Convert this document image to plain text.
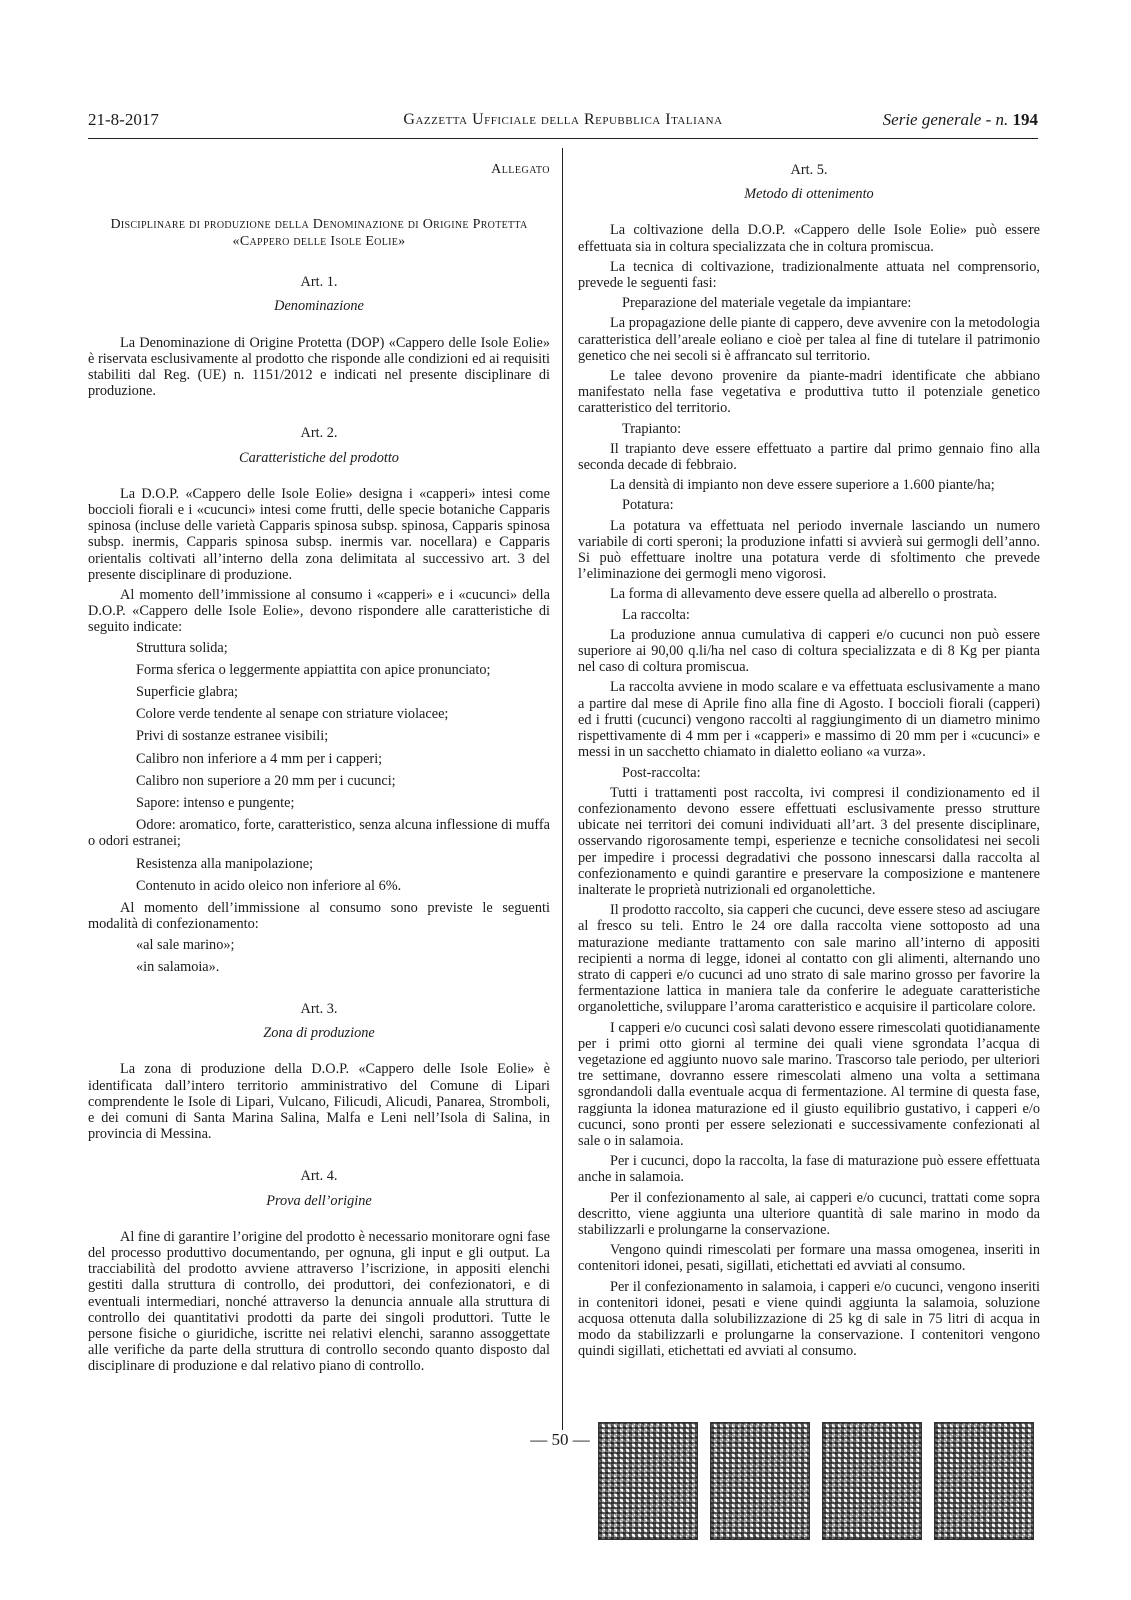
21-8-2017	Gazzetta Ufficiale della Repubblica Italiana	Serie generale - n. 194
Allegato
Disciplinare di produzione della Denominazione di Origine Protetta
«Cappero delle Isole Eolie»
Art. 1.
Denominazione

La Denominazione di Origine Protetta (DOP) «Cappero delle Isole Eolie» è riservata esclusivamente al prodotto che risponde alle condizioni ed ai requisiti stabiliti dal Reg. (UE) n. 1151/2012 e indicati nel presente disciplinare di produzione.

Art. 2.
Caratteristiche del prodotto

La D.O.P. «Cappero delle Isole Eolie» designa i «capperi» intesi come boccioli fiorali e i «cucunci» intesi come frutti, delle specie botaniche Capparis spinosa (incluse delle varietà Capparis spinosa subsp. spinosa, Capparis spinosa subsp. inermis, Capparis spinosa subsp. inermis var. nocellara) e Capparis orientalis coltivati all’interno della zona delimitata al successivo art. 3 del presente disciplinare di produzione.

Al momento dell’immissione al consumo i «capperi» e i «cucunci» della D.O.P. «Cappero delle Isole Eolie», devono rispondere alle caratteristiche di seguito indicate:

Struttura solida;

Forma sferica o leggermente appiattita con apice pronunciato;

Superficie glabra;

Colore verde tendente al senape con striature violacee;

Privi di sostanze estranee visibili;

Calibro non inferiore a 4 mm per i capperi;

Calibro non superiore a 20 mm per i cucunci;

Sapore: intenso e pungente;

Odore: aromatico, forte, caratteristico, senza alcuna inflessione di muffa o odori estranei;

Resistenza alla manipolazione;

Contenuto in acido oleico non inferiore al 6%.

Al momento dell’immissione al consumo sono previste le seguenti modalità di confezionamento:

«al sale marino»;

«in salamoia».

Art. 3.
Zona di produzione

La zona di produzione della D.O.P. «Cappero delle Isole Eolie» è identificata dall’intero territorio amministrativo del Comune di Lipari comprendente le Isole di Lipari, Vulcano, Filicudi, Alicudi, Panarea, Stromboli, e dei comuni di Santa Marina Salina, Malfa e Leni nell’Isola di Salina, in provincia di Messina.

Art. 4.
Prova dell’origine

Al fine di garantire l’origine del prodotto è necessario monitorare ogni fase del processo produttivo documentando, per ognuna, gli input e gli output. La tracciabilità del prodotto avviene attraverso l’iscrizione, in appositi elenchi gestiti dalla struttura di controllo, dei produttori, dei confezionatori, e di eventuali intermediari, nonché attraverso la denuncia annuale alla struttura di controllo dei quantitativi prodotti da parte dei singoli produttori. Tutte le persone fisiche o giuridiche, iscritte nei relativi elenchi, saranno assoggettate alle verifiche da parte della struttura di controllo secondo quanto disposto dal disciplinare di produzione e dal relativo piano di controllo.

Art. 5.
Metodo di ottenimento

La coltivazione della D.O.P. «Cappero delle Isole Eolie» può essere effettuata sia in coltura specializzata che in coltura promiscua.

La tecnica di coltivazione, tradizionalmente attuata nel comprensorio, prevede le seguenti fasi:

Preparazione del materiale vegetale da impiantare:

La propagazione delle piante di cappero, deve avvenire con la metodologia caratteristica dell’areale eoliano e cioè per talea al fine di tutelare il patrimonio genetico che nei secoli si è affrancato sul territorio.

Le talee devono provenire da piante-madri identificate che abbiano manifestato nella fase vegetativa e produttiva tutto il potenziale genetico caratteristico del territorio.

Trapianto:

Il trapianto deve essere effettuato a partire dal primo gennaio fino alla seconda decade di febbraio.

La densità di impianto non deve essere superiore a 1.600 piante/ha;

Potatura:

La potatura va effettuata nel periodo invernale lasciando un numero variabile di corti speroni; la produzione infatti si avvierà sui germogli dell’anno. Si può effettuare inoltre una potatura verde di sfoltimento che prevede l’eliminazione dei germogli meno vigorosi.

La forma di allevamento deve essere quella ad alberello o prostrata.

La raccolta:

La produzione annua cumulativa di capperi e/o cucunci non può essere superiore ai 90,00 q.li/ha nel caso di coltura specializzata e di 8 Kg per pianta nel caso di coltura promiscua.

La raccolta avviene in modo scalare e va effettuata esclusivamente a mano a partire dal mese di Aprile fino alla fine di Agosto. I boccioli fiorali (capperi) ed i frutti (cucunci) vengono raccolti al raggiungimento di un diametro minimo rispettivamente di 4 mm per i «capperi» e massimo di 20 mm per i «cucunci» e messi in un sacchetto chiamato in dialetto eoliano «a vurza».

Post-raccolta:

Tutti i trattamenti post raccolta, ivi compresi il condizionamento ed il confezionamento devono essere effettuati esclusivamente presso strutture ubicate nei territori dei comuni individuati all’art. 3 del presente disciplinare, osservando rigorosamente tempi, esperienze e tecniche consolidatesi nei secoli per impedire i processi degradativi che possono innescarsi dalla raccolta al confezionamento e quindi garantire e preservare la composizione e mantenere inalterate le proprietà nutrizionali ed organolettiche.

Il prodotto raccolto, sia capperi che cucunci, deve essere steso ad asciugare al fresco su teli. Entro le 24 ore dalla raccolta viene sottoposto ad una maturazione mediante trattamento con sale marino all’interno di appositi recipienti a norma di legge, idonei al contatto con gli alimenti, alternando uno strato di capperi e/o cucunci ad uno strato di sale marino grosso per favorire la fermentazione lattica in maniera tale da conferire le adeguate caratteristiche organolettiche, sviluppare l’aroma caratteristico e acquisire il particolare colore.

I capperi e/o cucunci così salati devono essere rimescolati quotidianamente per i primi otto giorni al termine dei quali viene sgrondata l’acqua di vegetazione ed aggiunto nuovo sale marino. Trascorso tale periodo, per ulteriori tre settimane, dovranno essere rimescolati almeno una volta a settimana sgrondandoli dalla eventuale acqua di fermentazione. Al termine di questa fase, raggiunta la idonea maturazione ed il giusto equilibrio gustativo, i capperi e/o cucunci, sono pronti per essere selezionati e successivamente confezionati al sale o in salamoia.

Per i cucunci, dopo la raccolta, la fase di maturazione può essere effettuata anche in salamoia.

Per il confezionamento al sale, ai capperi e/o cucunci, trattati come sopra descritto, viene aggiunta una ulteriore quantità di sale marino in modo da stabilizzarli e prolungarne la conservazione.

Vengono quindi rimescolati per formare una massa omogenea, inseriti in contenitori idonei, pesati, sigillati, etichettati ed avviati al consumo.

Per il confezionamento in salamoia, i capperi e/o cucunci, vengono inseriti in contenitori idonei, pesati e viene quindi aggiunta la salamoia, soluzione acquosa ottenuta dalla solubilizzazione di 25 kg di sale in 75 litri di acqua in modo da stabilizzarli e prolungarne la conservazione. I contenitori vengono quindi sigillati, etichettati ed avviati al consumo.

— 50 —
